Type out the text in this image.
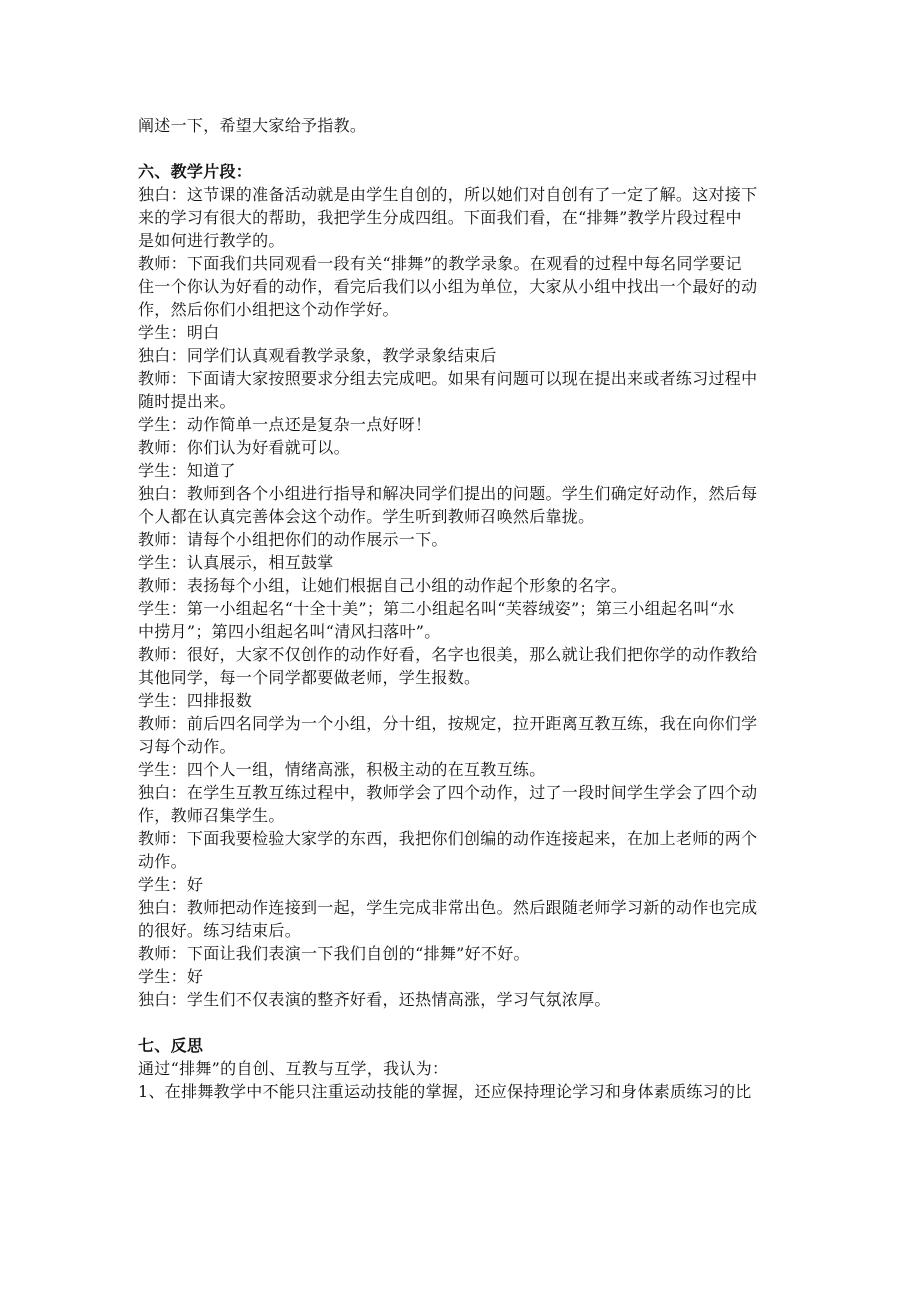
阐述一下，希望大家给予指教。
六、教学片段：
独白：这节课的准备活动就是由学生自创的，所以她们对自创有了一定了解。这对接下
来的学习有很大的帮助，我把学生分成四组。下面我们看，在“排舞”教学片段过程中
是如何进行教学的。
教师：下面我们共同观看一段有关“排舞”的教学录象。在观看的过程中每名同学要记
住一个你认为好看的动作，看完后我们以小组为单位，大家从小组中找出一个最好的动
作，然后你们小组把这个动作学好。
学生：明白
独白：同学们认真观看教学录象，教学录象结束后
教师：下面请大家按照要求分组去完成吧。如果有问题可以现在提出来或者练习过程中
随时提出来。
学生：动作简单一点还是复杂一点好呀！
教师：你们认为好看就可以。
学生：知道了
独白：教师到各个小组进行指导和解决同学们提出的问题。学生们确定好动作，然后每
个人都在认真完善体会这个动作。学生听到教师召唤然后靠拢。
教师：请每个小组把你们的动作展示一下。
学生：认真展示，相互鼓掌
教师：表扬每个小组，让她们根据自己小组的动作起个形象的名字。
学生：第一小组起名“十全十美”；第二小组起名叫“芙蓉绒姿”；第三小组起名叫“水
中捞月”；第四小组起名叫“清风扫落叶”。
教师：很好，大家不仅创作的动作好看，名字也很美，那么就让我们把你学的动作教给
其他同学，每一个同学都要做老师，学生报数。
学生：四排报数
教师：前后四名同学为一个小组，分十组，按规定，拉开距离互教互练，我在向你们学
习每个动作。
学生：四个人一组，情绪高涨，积极主动的在互教互练。
独白：在学生互教互练过程中，教师学会了四个动作，过了一段时间学生学会了四个动
作，教师召集学生。
教师：下面我要检验大家学的东西，我把你们创编的动作连接起来，在加上老师的两个
动作。
学生：好
独白：教师把动作连接到一起，学生完成非常出色。然后跟随老师学习新的动作也完成
的很好。练习结束后。
教师：下面让我们表演一下我们自创的“排舞”好不好。
学生：好
独白：学生们不仅表演的整齐好看，还热情高涨，学习气氛浓厚。
七、反思
通过“排舞”的自创、互教与互学，我认为：
1、在排舞教学中不能只注重运动技能的掌握，还应保持理论学习和身体素质练习的比
